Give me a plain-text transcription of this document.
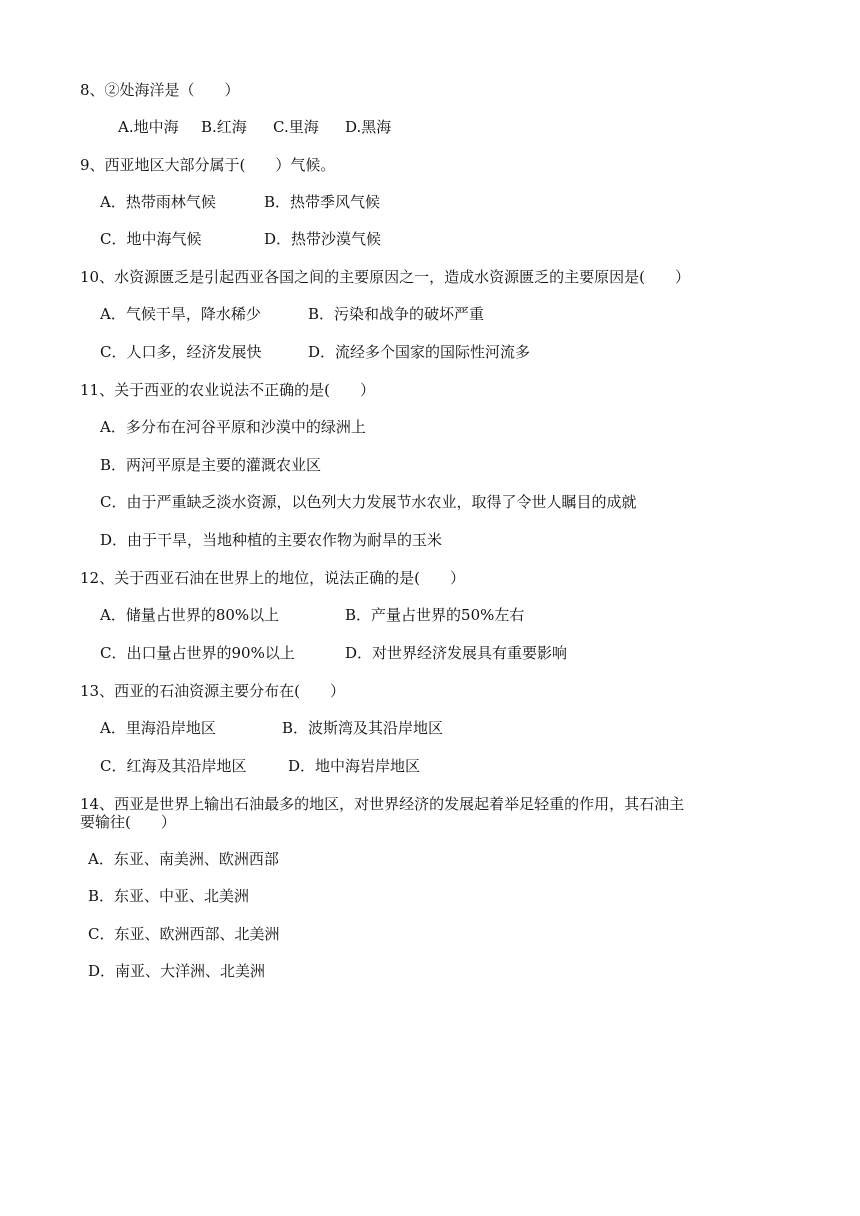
8、②处海洋是（　　）
A.地中海 B.红海 C.里海 D.黑海
9、西亚地区大部分属于(　　）气候。
A．热带雨林气候	B．热带季风气候
C．地中海气候	D．热带沙漠气候
10、水资源匮乏是引起西亚各国之间的主要原因之一，造成水资源匮乏的主要原因是(　　）
A．气候干旱，降水稀少	B．污染和战争的破坏严重
C．人口多，经济发展快	D．流经多个国家的国际性河流多
11、关于西亚的农业说法不正确的是(　　）
A．多分布在河谷平原和沙漠中的绿洲上
B．两河平原是主要的灌溉农业区
C．由于严重缺乏淡水资源，以色列大力发展节水农业，取得了令世人瞩目的成就
D．由于干旱，当地种植的主要农作物为耐旱的玉米
12、关于西亚石油在世界上的地位，说法正确的是(　　）
A．储量占世界的80%以上	B．产量占世界的50%左右
C．出口量占世界的90%以上	D．对世界经济发展具有重要影响
13、西亚的石油资源主要分布在(　　）
A．里海沿岸地区	B．波斯湾及其沿岸地区
C．红海及其沿岸地区	D．地中海岩岸地区
14、西亚是世界上输出石油最多的地区，对世界经济的发展起着举足轻重的作用，其石油主
要输往(　　）
A．东亚、南美洲、欧洲西部
B．东亚、中亚、北美洲
C．东亚、欧洲西部、北美洲
D．南亚、大洋洲、北美洲
